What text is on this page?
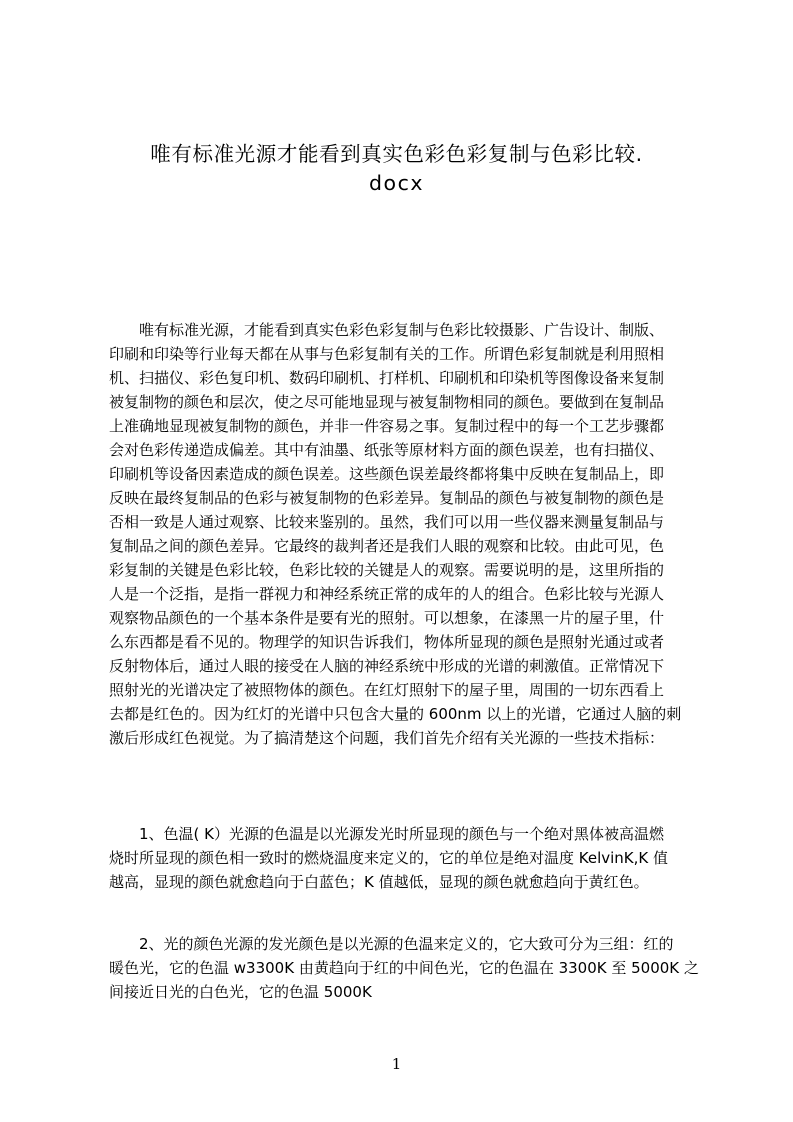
唯有标准光源才能看到真实色彩色彩复制与色彩比较.
docx
唯有标准光源，才能看到真实色彩色彩复制与色彩比较摄影、广告设计、制版、
印刷和印染等行业每天都在从事与色彩复制有关的工作。所谓色彩复制就是利用照相
机、扫描仪、彩色复印机、数码印刷机、打样机、印刷机和印染机等图像设备来复制
被复制物的颜色和层次，使之尽可能地显现与被复制物相同的颜色。要做到在复制品
上准确地显现被复制物的颜色，并非一件容易之事。复制过程中的每一个工艺步骤都
会对色彩传递造成偏差。其中有油墨、纸张等原材料方面的颜色误差，也有扫描仪、
印刷机等设备因素造成的颜色误差。这些颜色误差最终都将集中反映在复制品上，即
反映在最终复制品的色彩与被复制物的色彩差异。复制品的颜色与被复制物的颜色是
否相一致是人通过观察、比较来鉴别的。虽然，我们可以用一些仪器来测量复制品与
复制品之间的颜色差异。它最终的裁判者还是我们人眼的观察和比较。由此可见，色
彩复制的关键是色彩比较，色彩比较的关键是人的观察。需要说明的是，这里所指的
人是一个泛指，是指一群视力和神经系统正常的成年的人的组合。色彩比较与光源人
观察物品颜色的一个基本条件是要有光的照射。可以想象，在漆黑一片的屋子里，什
么东西都是看不见的。物理学的知识告诉我们，物体所显现的颜色是照射光通过或者
反射物体后，通过人眼的接受在人脑的神经系统中形成的光谱的刺激值。正常情况下
照射光的光谱决定了被照物体的颜色。在红灯照射下的屋子里，周围的一切东西看上
去都是红色的。因为红灯的光谱中只包含大量的 600nm 以上的光谱，它通过人脑的刺
激后形成红色视觉。为了搞清楚这个问题，我们首先介绍有关光源的一些技术指标：
1、色温( K）光源的色温是以光源发光时所显现的颜色与一个绝对黑体被高温燃
烧时所显现的颜色相一致时的燃烧温度来定义的，它的单位是绝对温度 KelvinK,K 值
越高，显现的颜色就愈趋向于白蓝色；K 值越低，显现的颜色就愈趋向于黄红色。
2、光的颜色光源的发光颜色是以光源的色温来定义的，它大致可分为三组：红的
暖色光，它的色温 w3300K 由黄趋向于红的中间色光，它的色温在 3300K 至 5000K 之
间接近日光的白色光，它的色温 5000K
1
